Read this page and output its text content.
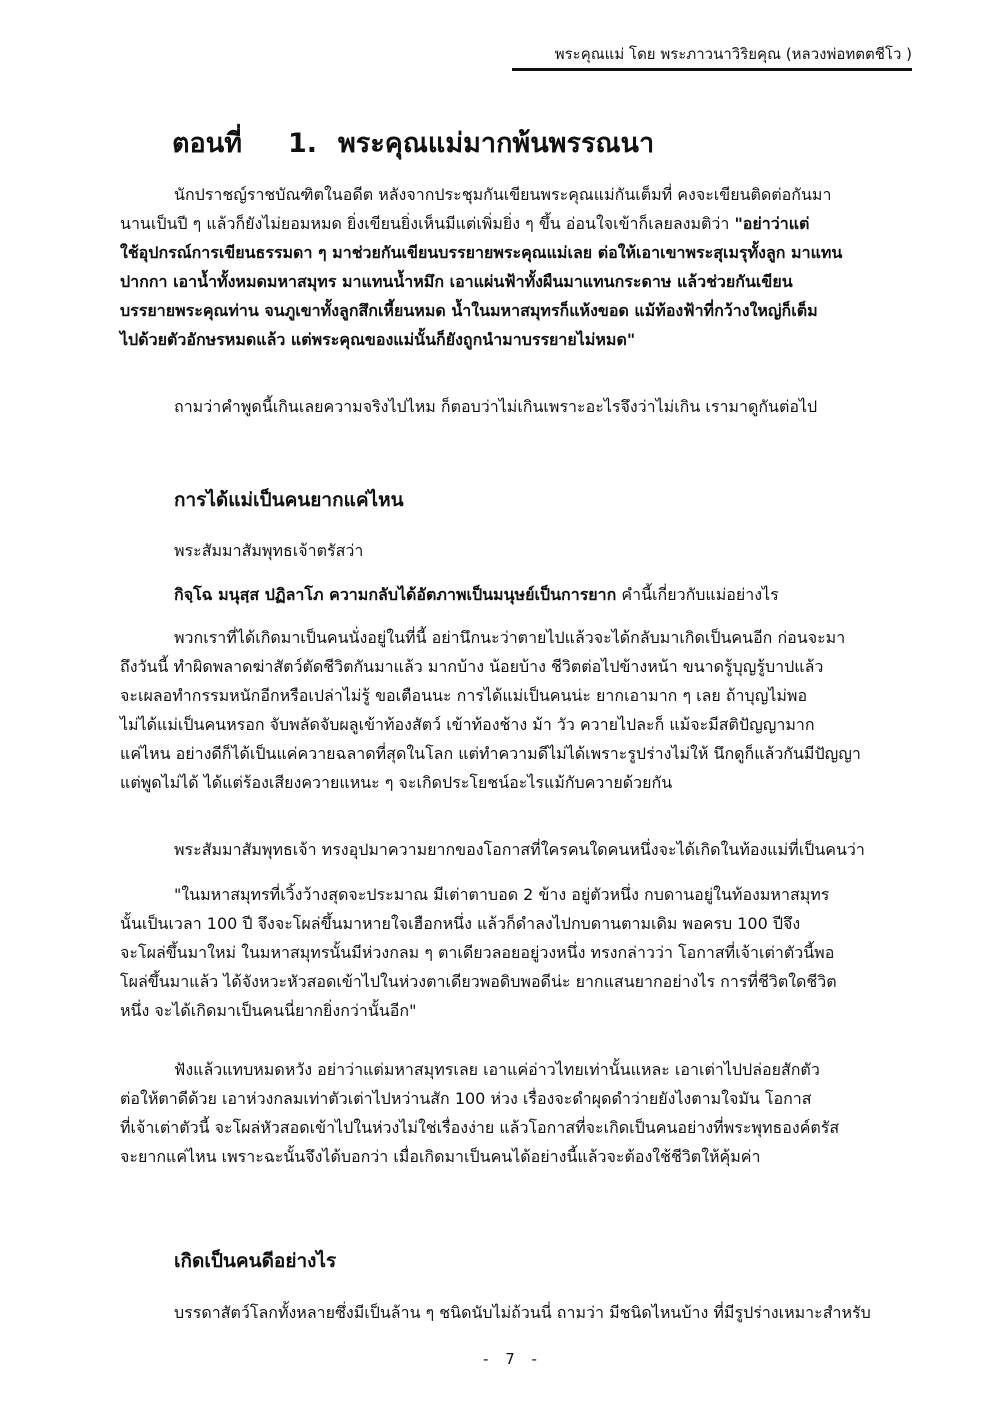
พระคุณแม่ โดย พระภาวนาวิริยคุณ (หลวงพ่อทตตชีโว )
ตอนที่ 1. พระคุณแม่มากพ้นพรรณนา
นักปราชญ์ราชบัณฑิตในอดีต หลังจากประชุมกันเขียนพระคุณแม่กันเต็มที่ คงจะเขียนติดต่อกันมา
นานเป็นปี ๆ แล้วก็ยังไม่ยอมหมด ยิ่งเขียนยิ่งเห็นมีแต่เพิ่มยิ่ง ๆ ขึ้น อ่อนใจเข้าก็เลยลงมติว่า "อย่าว่าแต่
ใช้อุปกรณ์การเขียนธรรมดา ๆ มาช่วยกันเขียนบรรยายพระคุณแม่เลย ต่อให้เอาเขาพระสุเมรุทั้งลูก มาแทน
ปากกา เอาน้ำทั้งหมดมหาสมุทร มาแทนน้ำหมึก เอาแผ่นฟ้าทั้งผืนมาแทนกระดาษ แล้วช่วยกันเขียน
บรรยายพระคุณท่าน จนภูเขาทั้งลูกสึกเหี้ยนหมด น้ำในมหาสมุทรก็แห้งขอด แม้ท้องฟ้าที่กว้างใหญ่ก็เต็ม
ไปด้วยตัวอักษรหมดแล้ว แต่พระคุณของแม่นั้นก็ยังถูกนำมาบรรยายไม่หมด"
ถามว่าคำพูดนี้เกินเลยความจริงไปไหม ก็ตอบว่าไม่เกินเพราะอะไรจึงว่าไม่เกิน เรามาดูกันต่อไป
การได้แม่เป็นคนยากแค่ไหน
พระสัมมาสัมพุทธเจ้าตรัสว่า
กิจฺโฉ มนุสฺส ปฏิลาโภ ความกลับได้อัตภาพเป็นมนุษย์เป็นการยาก คำนี้เกี่ยวกับแม่อย่างไร
พวกเราที่ได้เกิดมาเป็นคนนั่งอยู่ในที่นี้ อย่านึกนะว่าตายไปแล้วจะได้กลับมาเกิดเป็นคนอีก ก่อนจะมา
ถึงวันนี้ ทำผิดพลาดฆ่าสัตว์ตัดชีวิตกันมาแล้ว มากบ้าง น้อยบ้าง ชีวิตต่อไปข้างหน้า ขนาดรู้บุญรู้บาปแล้ว
จะเผลอทำกรรมหนักอีกหรือเปล่าไม่รู้ ขอเตือนนะ การได้แม่เป็นคนน่ะ ยากเอามาก ๆ เลย ถ้าบุญไม่พอ
ไม่ได้แม่เป็นคนหรอก จับพลัดจับผลูเข้าท้องสัตว์ เข้าท้องช้าง ม้า วัว ควายไปละก็ แม้จะมีสติปัญญามาก
แค่ไหน อย่างดีก็ได้เป็นแค่ควายฉลาดที่สุดในโลก แต่ทำความดีไม่ได้เพราะรูปร่างไม่ให้ นึกดูก็แล้วกันมีปัญญา
แต่พูดไม่ได้ ได้แต่ร้องเสียงควายแหนะ ๆ จะเกิดประโยชน์อะไรแม้กับควายด้วยกัน
พระสัมมาสัมพุทธเจ้า ทรงอุปมาความยากของโอกาสที่ใครคนใดคนหนึ่งจะได้เกิดในท้องแม่ที่เป็นคนว่า
"ในมหาสมุทรที่เวิ้งว้างสุดจะประมาณ มีเต่าตาบอด 2 ข้าง อยู่ตัวหนึ่ง กบดานอยู่ในท้องมหาสมุทร
นั้นเป็นเวลา 100 ปี จึงจะโผล่ขึ้นมาหายใจเฮือกหนึ่ง แล้วก็ดำลงไปกบดานตามเดิม พอครบ 100 ปีจึง
จะโผล่ขึ้นมาใหม่ ในมหาสมุทรนั้นมีห่วงกลม ๆ ตาเดียวลอยอยู่วงหนึ่ง ทรงกล่าวว่า โอกาสที่เจ้าเต่าตัวนี้พอ
โผล่ขึ้นมาแล้ว ได้จังหวะหัวสอดเข้าไปในห่วงตาเดียวพอดิบพอดีน่ะ ยากแสนยากอย่างไร การที่ชีวิตใดชีวิต
หนึ่ง จะได้เกิดมาเป็นคนนี่ยากยิ่งกว่านั้นอีก"
ฟังแล้วแทบหมดหวัง อย่าว่าแต่มหาสมุทรเลย เอาแค่อ่าวไทยเท่านั้นแหละ เอาเต่าไปปล่อยสักตัว
ต่อให้ตาดีด้วย เอาห่วงกลมเท่าตัวเต่าไปหว่านสัก 100 ห่วง เรื่องจะดำผุดดำว่ายยังไงตามใจมัน โอกาส
ที่เจ้าเต่าตัวนี้ จะโผล่หัวสอดเข้าไปในห่วงไม่ใช่เรื่องง่าย แล้วโอกาสที่จะเกิดเป็นคนอย่างที่พระพุทธองค์ตรัส
จะยากแค่ไหน เพราะฉะนั้นจึงได้บอกว่า เมื่อเกิดมาเป็นคนได้อย่างนี้แล้วจะต้องใช้ชีวิตให้คุ้มค่า
เกิดเป็นคนดีอย่างไร
บรรดาสัตว์โลกทั้งหลายซึ่งมีเป็นล้าน ๆ ชนิดนับไม่ถ้วนนี่ ถามว่า มีชนิดไหนบ้าง ที่มีรูปร่างเหมาะสำหรับ
- 7 -
